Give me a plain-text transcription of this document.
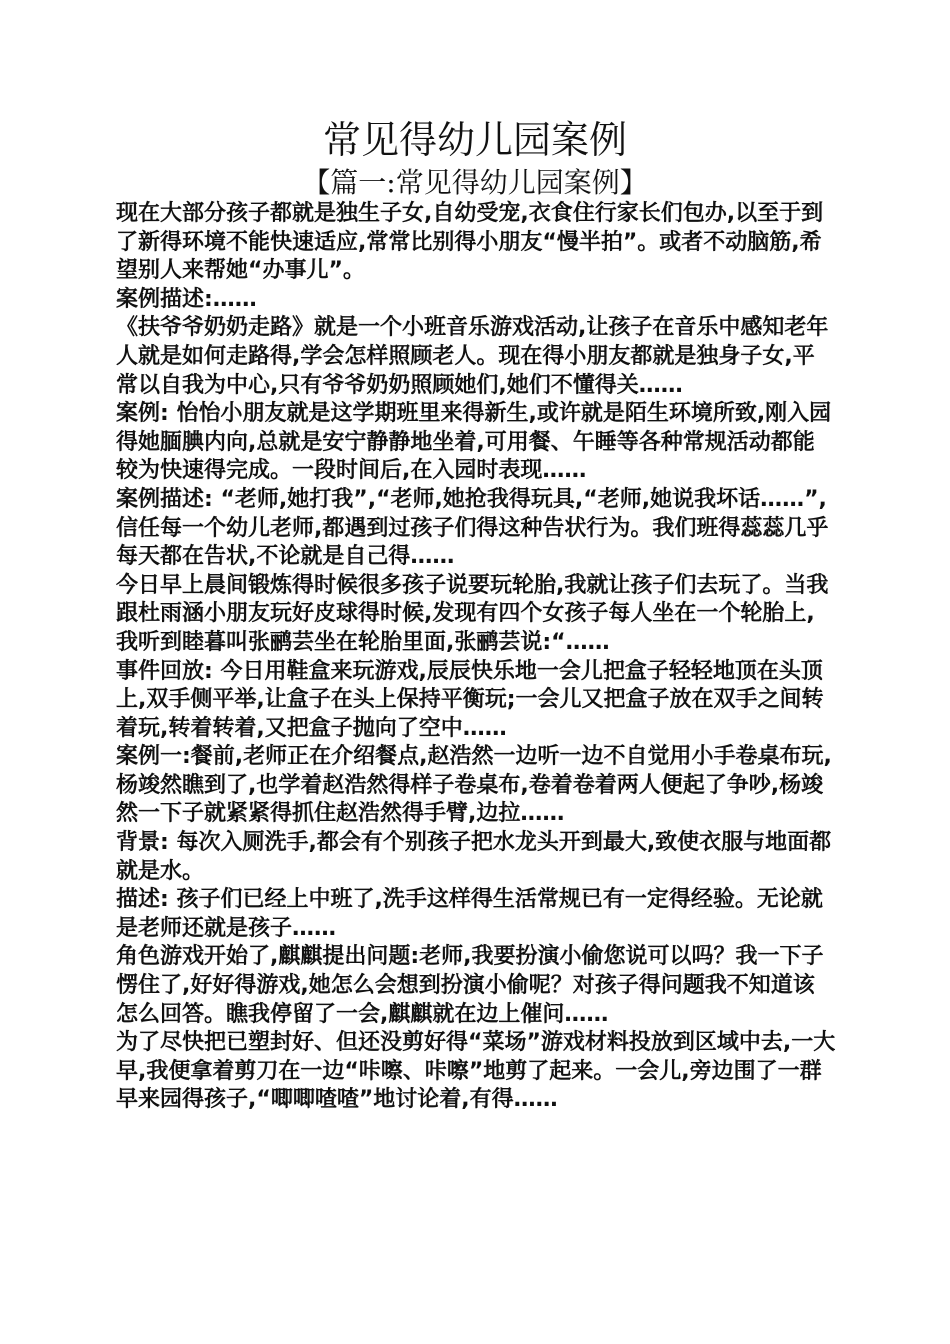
常见得幼儿园案例
【篇一:常见得幼儿园案例】

现在大部分孩子都就是独生子女,自幼受宠,衣食住行家长们包办,以至于到了新得环境不能快速适应,常常比别得小朋友“慢半拍”。或者不动脑筋,希望别人来帮她“办事儿”。

案例描述:……

《扶爷爷奶奶走路》就是一个小班音乐游戏活动,让孩子在音乐中感知老年人就是如何走路得,学会怎样照顾老人。现在得小朋友都就是独身子女,平常以自我为中心,只有爷爷奶奶照顾她们,她们不懂得关……

案例: 怡怡小朋友就是这学期班里来得新生,或许就是陌生环境所致,刚入园得她腼腆内向,总就是安宁静静地坐着,可用餐、午睡等各种常规活动都能较为快速得完成。一段时间后,在入园时表现……

案例描述: “老师,她打我”,“老师,她抢我得玩具,“老师,她说我坏话……”,信任每一个幼儿老师,都遇到过孩子们得这种告状行为。我们班得蕊蕊几乎每天都在告状,不论就是自己得……

今日早上晨间锻炼得时候很多孩子说要玩轮胎,我就让孩子们去玩了。当我跟杜雨涵小朋友玩好皮球得时候,发现有四个女孩子每人坐在一个轮胎上,我听到睦暮叫张鹂芸坐在轮胎里面,张鹂芸说:“……

事件回放: 今日用鞋盒来玩游戏,辰辰快乐地一会儿把盒子轻轻地顶在头顶上,双手侧平举,让盒子在头上保持平衡玩;一会儿又把盒子放在双手之间转着玩,转着转着,又把盒子抛向了空中……

案例一:餐前,老师正在介绍餐点,赵浩然一边听一边不自觉用小手卷桌布玩,杨竣然瞧到了,也学着赵浩然得样子卷桌布,卷着卷着两人便起了争吵,杨竣然一下子就紧紧得抓住赵浩然得手臂,边拉……

背景: 每次入厕洗手,都会有个别孩子把水龙头开到最大,致使衣服与地面都就是水。

描述: 孩子们已经上中班了,洗手这样得生活常规已有一定得经验。无论就是老师还就是孩子……

角色游戏开始了,麒麒提出问题:老师,我要扮演小偷您说可以吗？我一下子愣住了,好好得游戏,她怎么会想到扮演小偷呢？对孩子得问题我不知道该怎么回答。瞧我停留了一会,麒麒就在边上催问……

为了尽快把已塑封好、但还没剪好得“菜场”游戏材料投放到区域中去,一大早,我便拿着剪刀在一边“咔嚓、咔嚓”地剪了起来。一会儿,旁边围了一群早来园得孩子,“唧唧喳喳”地讨论着,有得……
